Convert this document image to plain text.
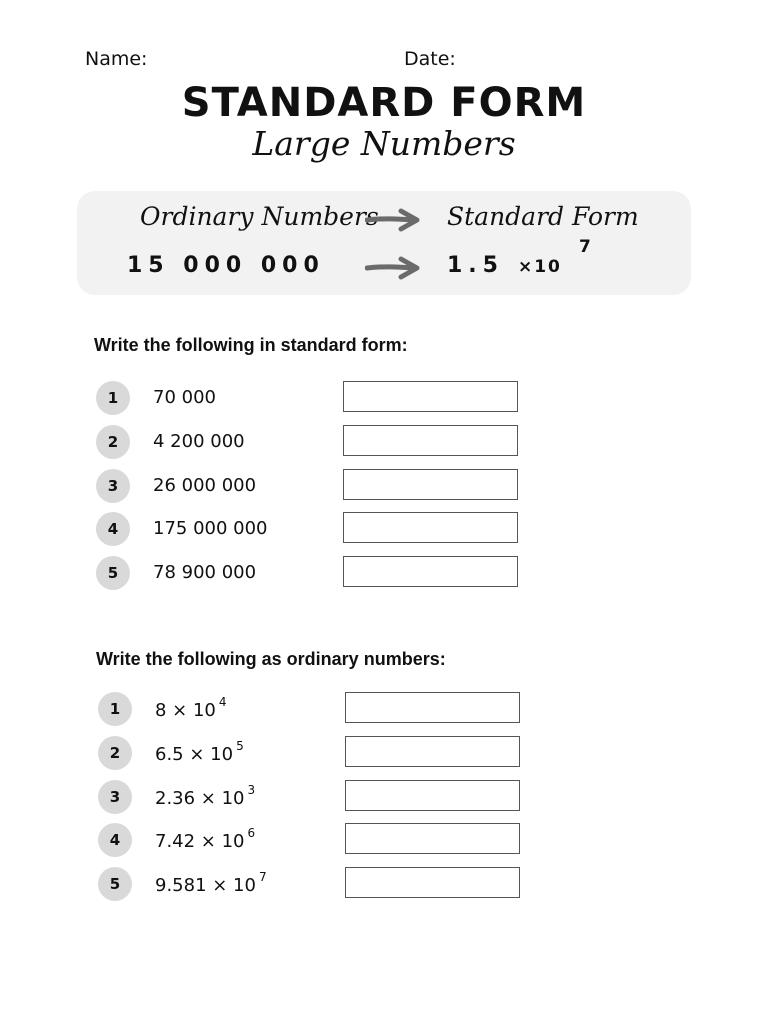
Name:	Date:
STANDARD FORM
Large Numbers
Ordinary Numbers	Standard Form
15 000 000	1.5 ×10
7
Write the following in standard form:
1	70 000
2	4 200 000
3	26 000 000
4	175 000 000
5	78 900 000
Write the following as ordinary numbers:
1	8 × 10 $^4$
2	6.5 × 10 $^5$
3	2.36 × 10 $^3$
4	7.42 × 10 $^6$
5	9.581 × 10 $^7$
